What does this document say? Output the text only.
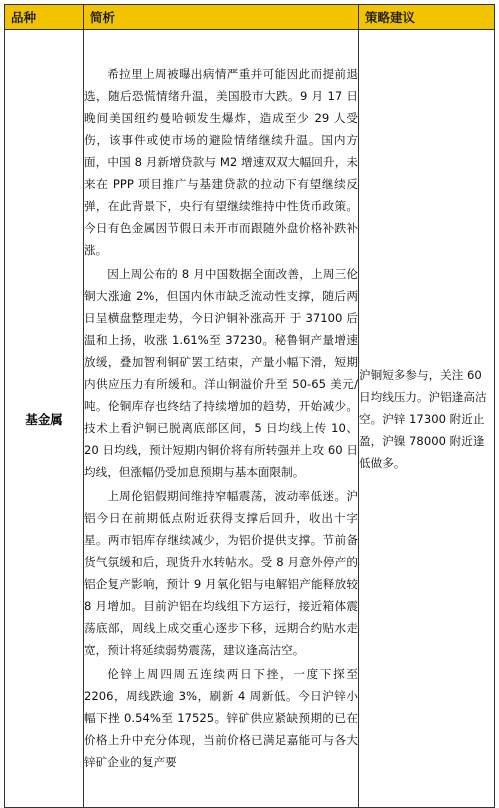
品种	简析	策略建议
基金属	希拉里上周被曝出病情严重并可能因此而提前退选，随后恐慌情绪升温，美国股市大跌。9 月 17 日晚间美国纽约曼哈顿发生爆炸，造成至少 29 人受伤，该事件或使市场的避险情绪继续升温。国内方面，中国 8 月新增贷款与 M2 增速双双大幅回升，未来在 PPP 项目推广与基建贷款的拉动下有望继续反弹，在此背景下，央行有望继续维持中性货币政策。今日有色金属因节假日未开市而跟随外盘价格补跌补涨。

因上周公布的 8 月中国数据全面改善，上周三伦铜大涨逾 2%，但国内休市缺乏流动性支撑，随后两日呈横盘整理走势，今日沪铜补涨高开 于 37100 后温和上扬，收涨 1.61%至 37230。秘鲁铜产量增速放缓，叠加智利铜矿罢工结束，产量小幅下滑，短期内供应压力有所缓和。洋山铜溢价升至 50-65 美元/吨。伦铜库存也终结了持续增加的趋势，开始减少。技术上看沪铜已脱离底部区间，5 日均线上传 10、20 日均线，预计短期内铜价将有所转强并上攻 60 日均线，但涨幅仍受加息预期与基本面限制。

上周伦铝假期间维持窄幅震荡，波动率低迷。沪铝今日在前期低点附近获得支撑后回升，收出十字星。两市铝库存继续减少，为铝价提供支撑。节前备货气氛缓和后，现货升水转帖水。受 8 月意外停产的铝企复产影响，预计 9 月氧化铝与电解铝产能释放较 8 月增加。目前沪铝在均线组下方运行，接近箱体震荡底部，周线上成交重心逐步下移，远期合约贴水走宽，预计将延续弱势震荡，建议逢高沽空。

伦锌上周四周五连续两日下挫，一度下探至 2206，周线跌逾 3%，刷新 4 周新低。今日沪锌小幅下挫 0.54%至 17525。锌矿供应紧缺预期的已在价格上升中充分体现，当前价格已满足嘉能可与各大锌矿企业的复产要	沪铜短多参与，关注 60 日均线压力。沪铝逢高沽空。沪锌 17300 附近止盈，沪镍 78000 附近逢低做多。
